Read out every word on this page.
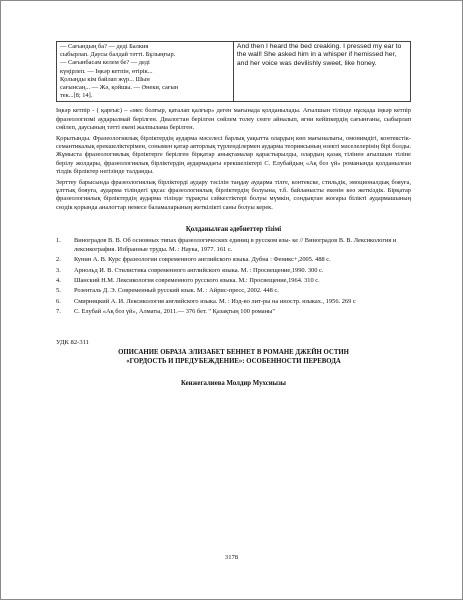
— Сағындың ба? — деді Балкия
сыбырлап. Даусы балдай тәтті. Бұлыңғыр.
— Сағынбасам келем бе? — деді
күңірлеп. — Іңкәр кетпін, өтірік...
Қолыңды кім байлап жүр... Шын
сағынсаң... — Жә, қойшы. — Әнеки, сағын
тек...[8; 14].
	And then I heard the bed creaking. I pressed my ear to the wall! She asked him in a whisper if hemissed her, and her voice was devilishly sweet, like honey.

Іңкәр кетпір - ( қарғыс) – «мес болғыр, қаталап қалғыр» деген мағынада қолданылады. Ағылшын тілінде нұсқада іңкәр кетпір фразеологизмі аударылмай берілген. Диалогтан берілген сөйлем толеу сөзге айналып, ягни кейіпкердің сағынғаны, сыбырлап сөйлеп, даусының тәтті екені жалпылама берілген.

Қорытынды. Фразеологиялық бірліктердің аударма мәселесі барлық уақытта олардың көп мағыналығы, омонимдігі, контекстік-семантикалық ерекшеліктерімен, сонымен қатар авторлық түрленділермен аударма теориясының өзекті мәселелерінің бірі болды. Жұмыста фразеологиялық бірліктерге берілген бірқатар анықтамалар қарастырылды, олардың қазақ тілінен ағылшын тіліне берілу жолдары, фразеологиялық бірліктердің аудармадағы ерекшеліктері С. Елубайдың «Ақ боз үй» романында қолданылған тілдік бірліктер негізінде талданды.

Зерттеу барысында фразеологиялық бірліктерді аудару тәсілін таңдау аударма тілге, контекске, стильдік, эмоционалдық бояуға, ұлттық бояуға, аударма тіліндегі ұқсас фразеологиялық бірліктердің болуына, т.б. байланысты екенін көз жеткіздік. Бірқатар фразеологиялық бірліктердің аударма тілінде тұрақты сәйкестіктері болуы мүмкін, сондықтан жоғары білікті аудармашының сөздік қорында аналогтар немесе баламаларының жеткілікті саны болуы керек.

Қолданылған әдебиеттер тізімі
1.	Виноградов В. В. Об основных типах фразеологических единиц в русском язы- ке // Виноградов В. В. Лексикология и лексикография. Избранные труды. М. : Наука, 1977. 161 с.
2.	Кунин А. В. Курс фразеологии современного английского языка. Дубна : Феникс+,2005. 488 с.
3.	Арнольд И. В. Стилистика современного английского языка. М. : Просвещение,1990. 300 с.
4.	Шанский Н.М. Лексикология современного русского языка. М.: Просвещение,1964. 310 с.
5.	Розенталь Д. Э. Современный русский язык. М. : Айрис-пресс, 2002. 448 с.
6.	Смирницкий А. И. Лексикология английского языка. М. : Изд-во лит-ры на иностр. языках., 1956. 269 с
7.	С. Елубай «Ақ боз үй», Алматы, 2011.— 376 бет. " Қазақтың 100 романы"
УДК 82-311
ОПИСАНИЕ ОБРАЗА ЭЛИЗАБЕТ БЕННЕТ В РОМАНЕ ДЖЕЙН ОСТИН
«ГОРДОСТЬ И ПРЕДУБЕЖДЕНИЕ»: ОСОБЕННОСТИ ПЕРЕВОДА
Кенжегалиева Молдир Мухсиызы
3178
